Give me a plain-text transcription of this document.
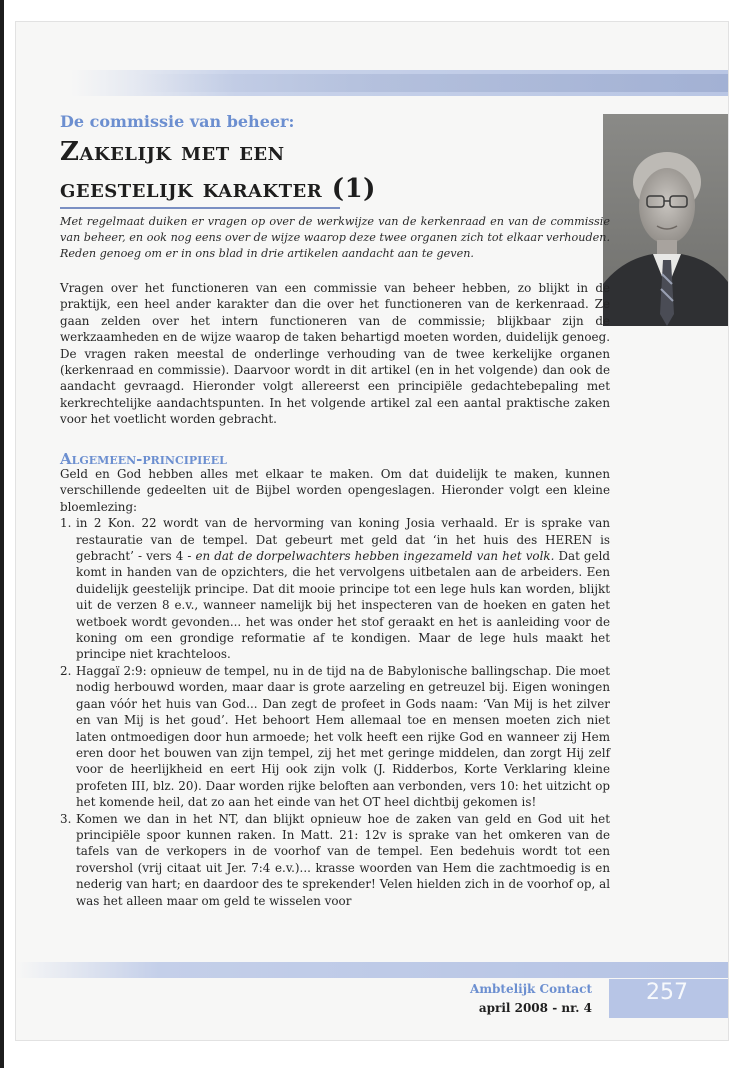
De commissie van beheer:
Zakelijk met een
geestelijk karakter (1)
Met regelmaat duiken er vragen op over de werkwijze van de kerkenraad en van de commissie van beheer, en ook nog eens over de wijze waarop deze twee organen zich tot elkaar verhouden. Reden genoeg om er in ons blad in drie artikelen aandacht aan te geven.
Vragen over het functioneren van een commissie van beheer hebben, zo blijkt in de praktijk, een heel ander karakter dan die over het functioneren van de kerkenraad. Ze gaan zelden over het intern functioneren van de commissie; blijkbaar zijn de werkzaamheden en de wijze waarop de taken behartigd moeten worden, duidelijk genoeg. De vragen raken meestal de onderlinge verhouding van de twee kerkelijke organen (kerkenraad en commissie). Daarvoor wordt in dit artikel (en in het volgende) dan ook de aandacht gevraagd. Hieronder volgt allereerst een principiële gedachtebepaling met kerkrechtelijke aandachtspunten. In het volgende artikel zal een aantal praktische zaken voor het voetlicht worden gebracht.
Algemeen-principieel
Geld en God hebben alles met elkaar te maken. Om dat duidelijk te maken, kunnen verschillende gedeelten uit de Bijbel worden opengeslagen. Hieronder volgt een kleine bloemlezing:
1. in 2 Kon. 22 wordt van de hervorming van koning Josia verhaald. Er is sprake van restauratie van de tempel. Dat gebeurt met geld dat ‘in het huis des HEREN is gebracht’ - vers 4 - en dat de dorpelwachters hebben ingezameld van het volk. Dat geld komt in handen van de opzichters, die het vervolgens uitbetalen aan de arbeiders. Een duidelijk geestelijk principe. Dat dit mooie principe tot een lege huls kan worden, blijkt uit de verzen 8 e.v., wanneer namelijk bij het inspecteren van de hoeken en gaten het wetboek wordt gevonden... het was onder het stof geraakt en het is aanleiding voor de koning om een grondige reformatie af te kondigen. Maar de lege huls maakt het principe niet krachteloos.
2. Haggaï 2:9: opnieuw de tempel, nu in de tijd na de Babylonische ballingschap. Die moet nodig herbouwd worden, maar daar is grote aarzeling en getreuzel bij. Eigen woningen gaan vóór het huis van God... Dan zegt de profeet in Gods naam: ‘Van Mij is het zilver en van Mij is het goud’. Het behoort Hem allemaal toe en mensen moeten zich niet laten ontmoedigen door hun armoede; het volk heeft een rijke God en wanneer zij Hem eren door het bouwen van zijn tempel, zij het met geringe middelen, dan zorgt Hij zelf voor de heerlijkheid en eert Hij ook zijn volk (J. Ridderbos, Korte Verklaring kleine profeten III, blz. 20). Daar worden rijke beloften aan verbonden, vers 10: het uitzicht op het komende heil, dat zo aan het einde van het OT heel dichtbij gekomen is!
3. Komen we dan in het NT, dan blijkt opnieuw hoe de zaken van geld en God uit het principiële spoor kunnen raken. In Matt. 21: 12v is sprake van het omkeren van de tafels van de verkopers in de voorhof van de tempel. Een bedehuis wordt tot een rovershol (vrij citaat uit Jer. 7:4 e.v.)... krasse woorden van Hem die zachtmoedig is en nederig van hart; en daardoor des te sprekender! Velen hielden zich in de voorhof op, al was het alleen maar om geld te wisselen voor
257
Ambtelijk Contact
april 2008 - nr. 4
